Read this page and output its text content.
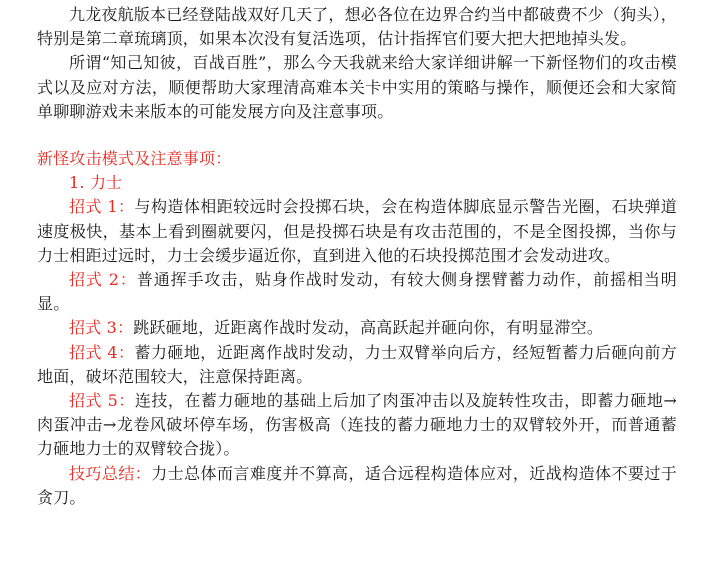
九龙夜航版本已经登陆战双好几天了，想必各位在边界合约当中都破费不少（狗头），特别是第二章琉璃顶，如果本次没有复活选项，估计指挥官们要大把大把地掉头发。

所谓“知己知彼，百战百胜”，那么今天我就来给大家详细讲解一下新怪物们的攻击模式以及应对方法，顺便帮助大家理清高难本关卡中实用的策略与操作，顺便还会和大家简单聊聊游戏未来版本的可能发展方向及注意事项。

新怪攻击模式及注意事项：

1. 力士

招式 1：与构造体相距较远时会投掷石块，会在构造体脚底显示警告光圈，石块弹道速度极快，基本上看到圈就要闪，但是投掷石块是有攻击范围的，不是全图投掷，当你与力士相距过远时，力士会缓步逼近你，直到进入他的石块投掷范围才会发动进攻。

招式 2：普通挥手攻击，贴身作战时发动，有较大侧身摆臂蓄力动作，前摇相当明显。

招式 3：跳跃砸地，近距离作战时发动，高高跃起并砸向你，有明显滞空。

招式 4：蓄力砸地，近距离作战时发动，力士双臂举向后方，经短暂蓄力后砸向前方地面，破坏范围较大，注意保持距离。

招式 5：连技，在蓄力砸地的基础上后加了肉蛋冲击以及旋转性攻击，即蓄力砸地→肉蛋冲击→龙卷风破坏停车场，伤害极高（连技的蓄力砸地力士的双臂较外开，而普通蓄力砸地力士的双臂较合拢）。

技巧总结：力士总体而言难度并不算高，适合远程构造体应对，近战构造体不要过于贪刀。
